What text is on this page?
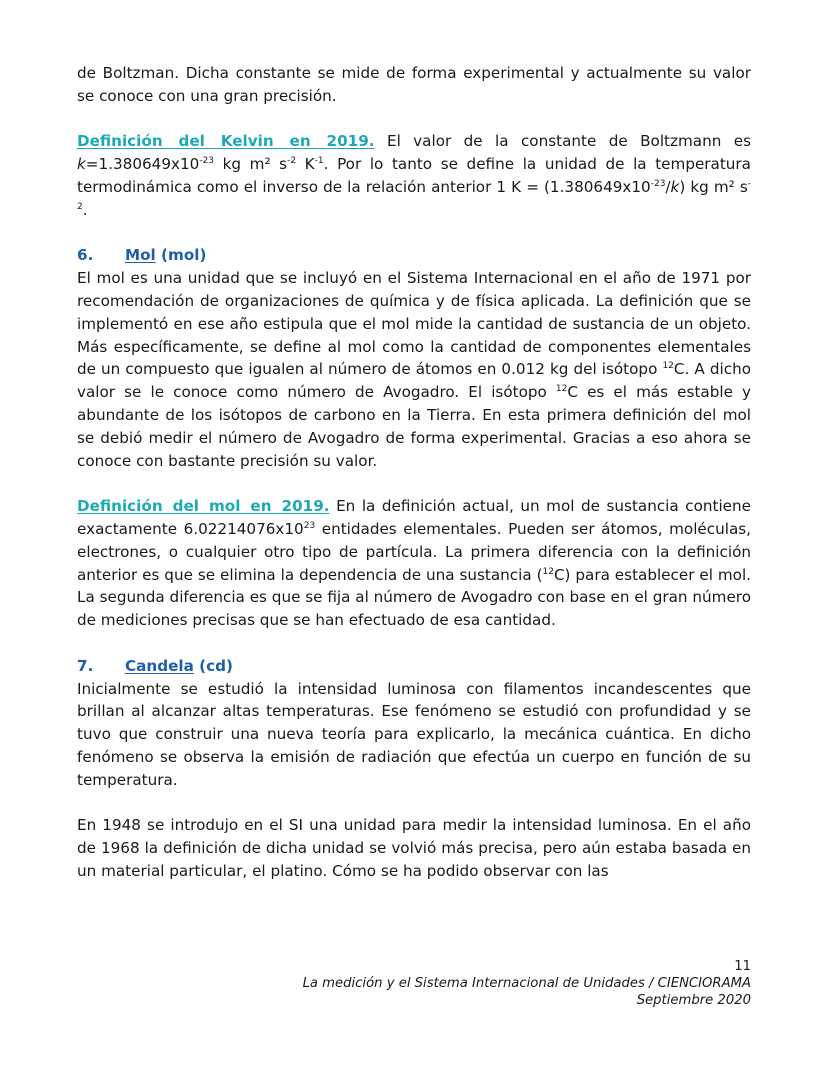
de Boltzman. Dicha constante se mide de forma experimental y actualmente su valor se conoce con una gran precisión.

Definición del Kelvin en 2019. El valor de la constante de Boltzmann es $k=1.380649x10^{-23}$ kg m² $s^{-2}$ $K^{-1}$. Por lo tanto se define la unidad de la temperatura termodinámica como el inverso de la relación anterior 1 $K = (1.380649x10^{-23}/k)$ kg m² $s^{-2}$.

6. Mol (mol)

El mol es una unidad que se incluyó en el Sistema Internacional en el año de 1971 por recomendación de organizaciones de química y de física aplicada. La definición que se implementó en ese año estipula que el mol mide la cantidad de sustancia de un objeto. Más específicamente, se define al mol como la cantidad de componentes elementales de un compuesto que igualen al número de átomos en 0.012 kg del isótopo $^{12}$C. A dicho valor se le conoce como número de Avogadro. El isótopo $^{12}$C es el más estable y abundante de los isótopos de carbono en la Tierra. En esta primera definición del mol se debió medir el número de Avogadro de forma experimental. Gracias a eso ahora se conoce con bastante precisión su valor.

Definición del mol en 2019. En la definición actual, un mol de sustancia contiene exactamente $6.02214076x10^{23}$ entidades elementales. Pueden ser átomos, moléculas, electrones, o cualquier otro tipo de partícula. La primera diferencia con la definición anterior es que se elimina la dependencia de una sustancia ($^{12}$C) para establecer el mol. La segunda diferencia es que se fija al número de Avogadro con base en el gran número de mediciones precisas que se han efectuado de esa cantidad.

7. Candela (cd)

Inicialmente se estudió la intensidad luminosa con filamentos incandescentes que brillan al alcanzar altas temperaturas. Ese fenómeno se estudió con profundidad y se tuvo que construir una nueva teoría para explicarlo, la mecánica cuántica. En dicho fenómeno se observa la emisión de radiación que efectúa un cuerpo en función de su temperatura.

En 1948 se introdujo en el SI una unidad para medir la intensidad luminosa. En el año de 1968 la definición de dicha unidad se volvió más precisa, pero aún estaba basada en un material particular, el platino. Cómo se ha podido observar con las

11
La medición y el Sistema Internacional de Unidades / CIENCIORAMA
Septiembre 2020
